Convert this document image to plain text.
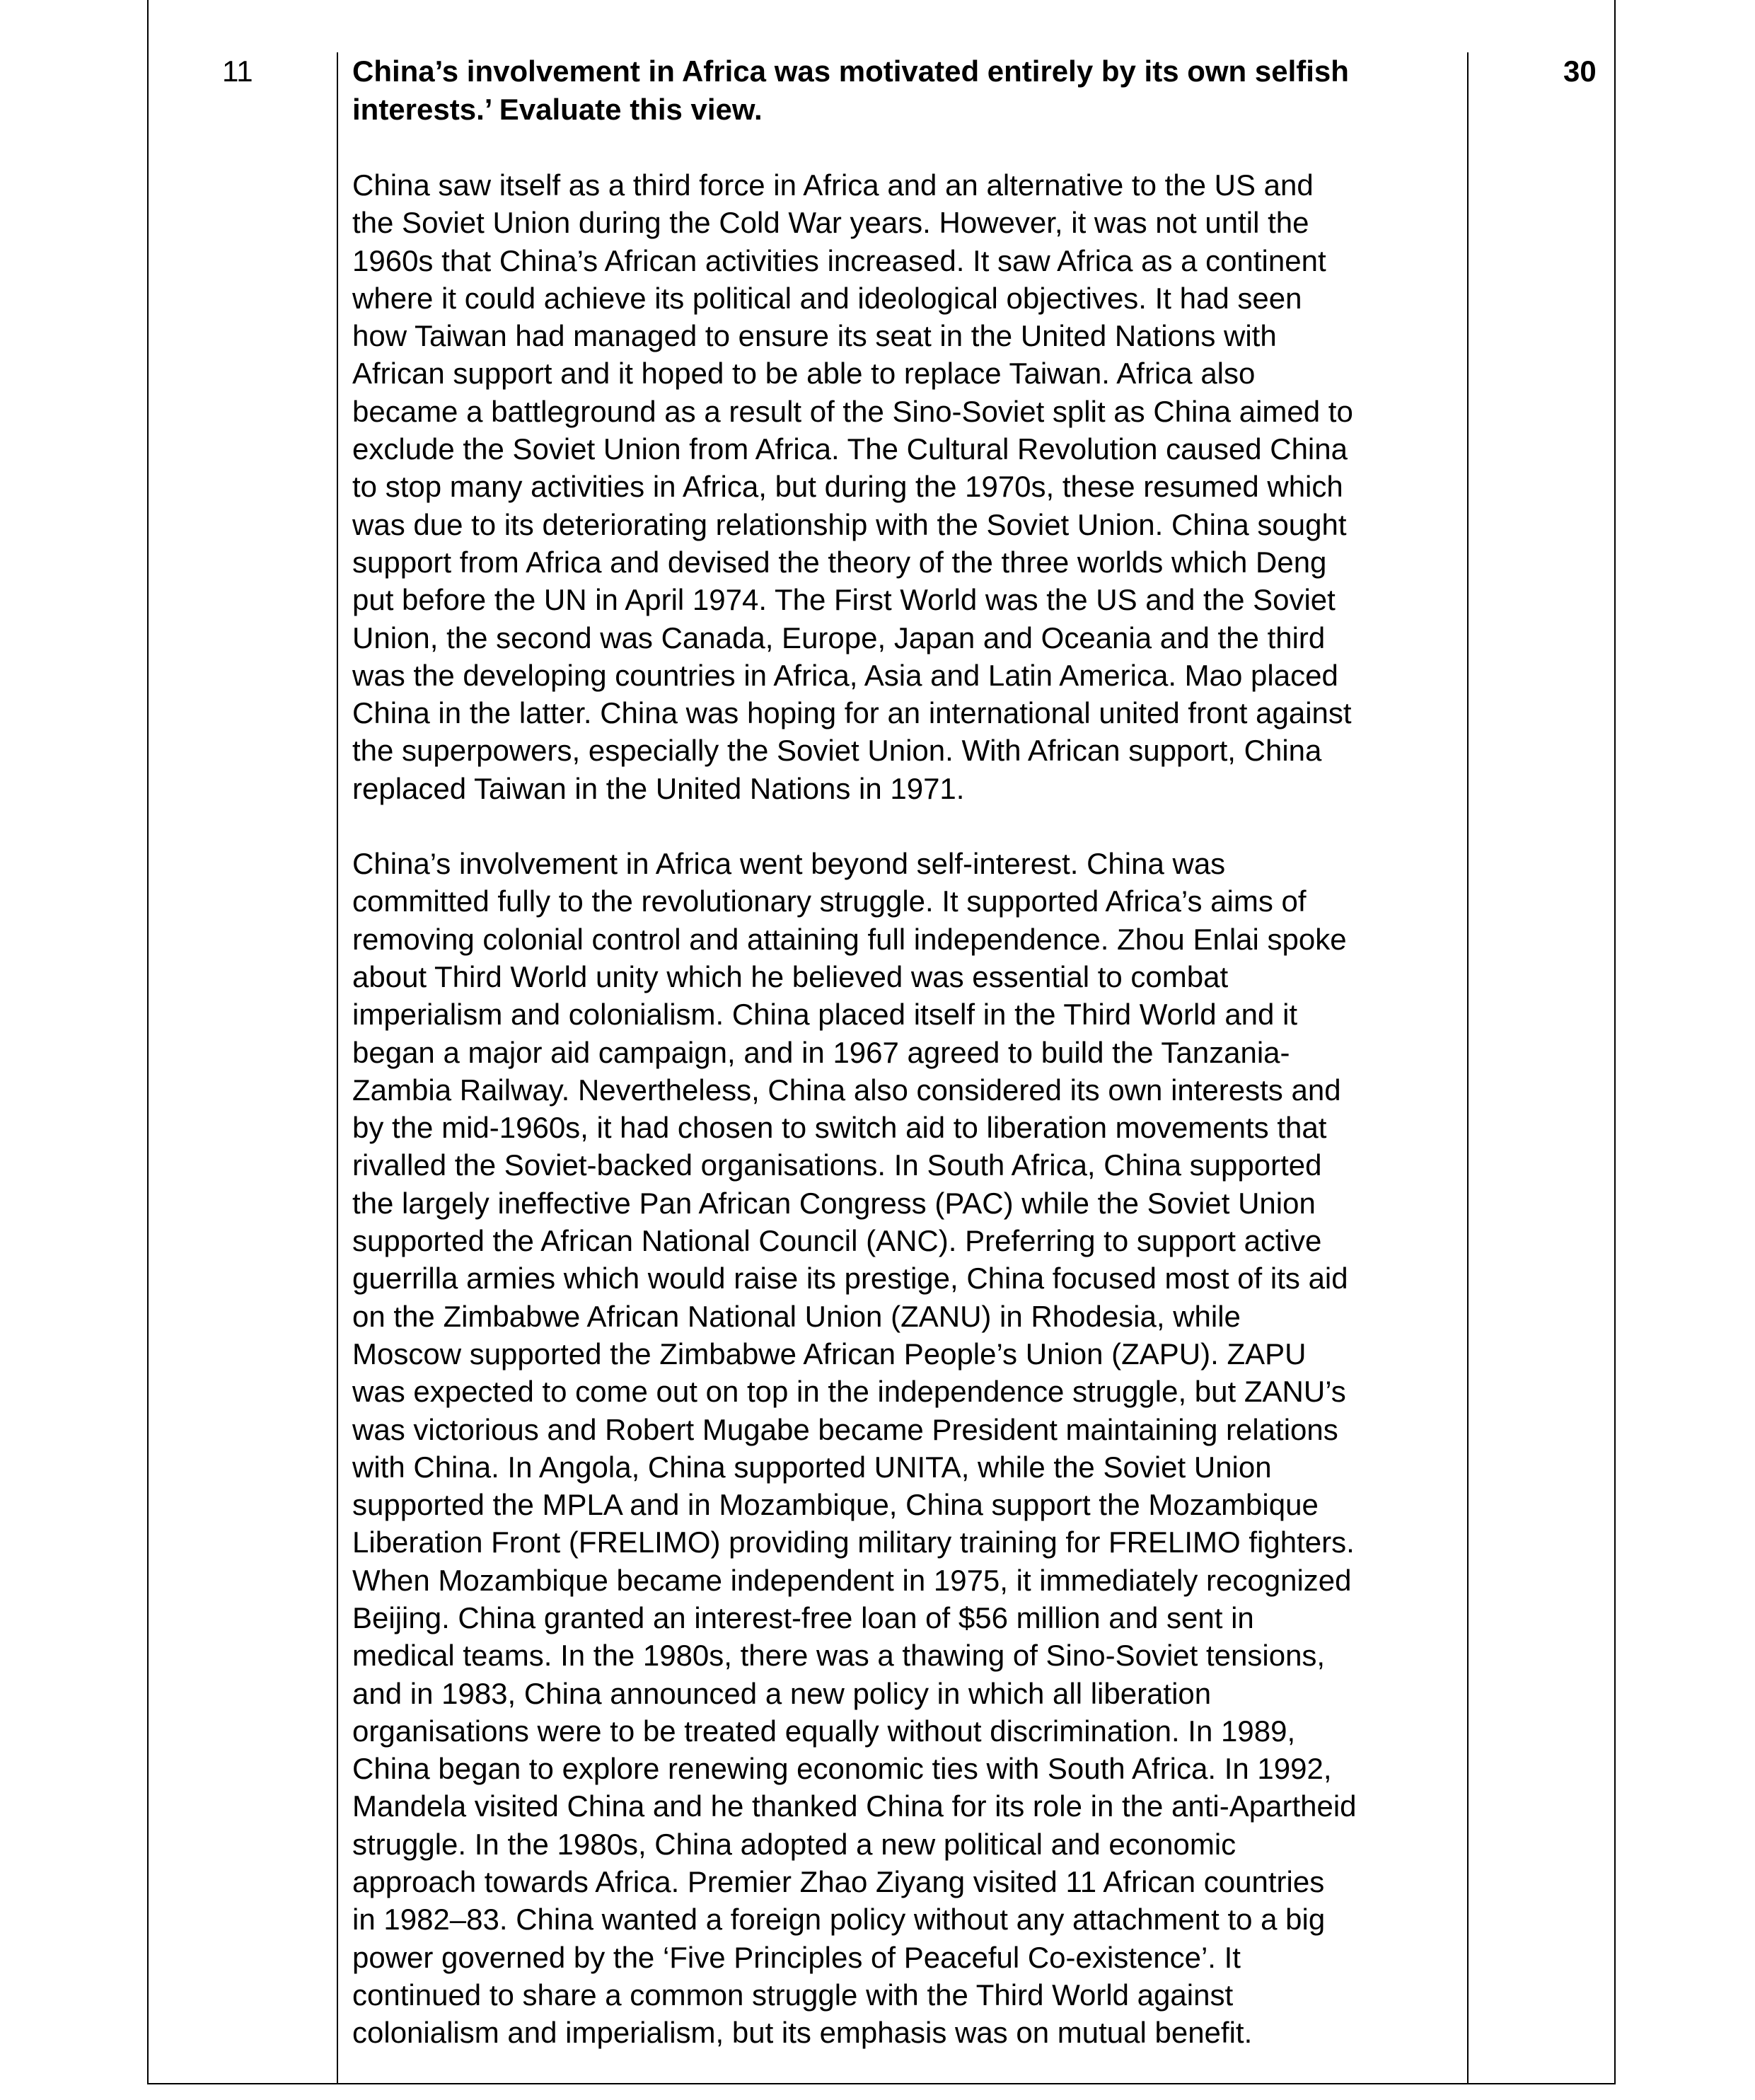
11	30

China’s involvement in Africa was motivated entirely by its own selfish
interests.’ Evaluate this view.

China saw itself as a third force in Africa and an alternative to the US and
the Soviet Union during the Cold War years. However, it was not until the
1960s that China’s African activities increased. It saw Africa as a continent
where it could achieve its political and ideological objectives. It had seen
how Taiwan had managed to ensure its seat in the United Nations with
African support and it hoped to be able to replace Taiwan. Africa also
became a battleground as a result of the Sino-Soviet split as China aimed to
exclude the Soviet Union from Africa. The Cultural Revolution caused China
to stop many activities in Africa, but during the 1970s, these resumed which
was due to its deteriorating relationship with the Soviet Union. China sought
support from Africa and devised the theory of the three worlds which Deng
put before the UN in April 1974. The First World was the US and the Soviet
Union, the second was Canada, Europe, Japan and Oceania and the third
was the developing countries in Africa, Asia and Latin America. Mao placed
China in the latter. China was hoping for an international united front against
the superpowers, especially the Soviet Union. With African support, China
replaced Taiwan in the United Nations in 1971.

China’s involvement in Africa went beyond self-interest. China was
committed fully to the revolutionary struggle. It supported Africa’s aims of
removing colonial control and attaining full independence. Zhou Enlai spoke
about Third World unity which he believed was essential to combat
imperialism and colonialism. China placed itself in the Third World and it
began a major aid campaign, and in 1967 agreed to build the Tanzania-
Zambia Railway. Nevertheless, China also considered its own interests and
by the mid-1960s, it had chosen to switch aid to liberation movements that
rivalled the Soviet-backed organisations. In South Africa, China supported
the largely ineffective Pan African Congress (PAC) while the Soviet Union
supported the African National Council (ANC). Preferring to support active
guerrilla armies which would raise its prestige, China focused most of its aid
on the Zimbabwe African National Union (ZANU) in Rhodesia, while
Moscow supported the Zimbabwe African People’s Union (ZAPU). ZAPU
was expected to come out on top in the independence struggle, but ZANU’s
was victorious and Robert Mugabe became President maintaining relations
with China. In Angola, China supported UNITA, while the Soviet Union
supported the MPLA and in Mozambique, China support the Mozambique
Liberation Front (FRELIMO) providing military training for FRELIMO fighters.
When Mozambique became independent in 1975, it immediately recognized
Beijing. China granted an interest-free loan of $56 million and sent in
medical teams. In the 1980s, there was a thawing of Sino-Soviet tensions,
and in 1983, China announced a new policy in which all liberation
organisations were to be treated equally without discrimination. In 1989,
China began to explore renewing economic ties with South Africa. In 1992,
Mandela visited China and he thanked China for its role in the anti-Apartheid
struggle. In the 1980s, China adopted a new political and economic
approach towards Africa. Premier Zhao Ziyang visited 11 African countries
in 1982–83. China wanted a foreign policy without any attachment to a big
power governed by the ‘Five Principles of Peaceful Co-existence’. It
continued to share a common struggle with the Third World against
colonialism and imperialism, but its emphasis was on mutual benefit.
